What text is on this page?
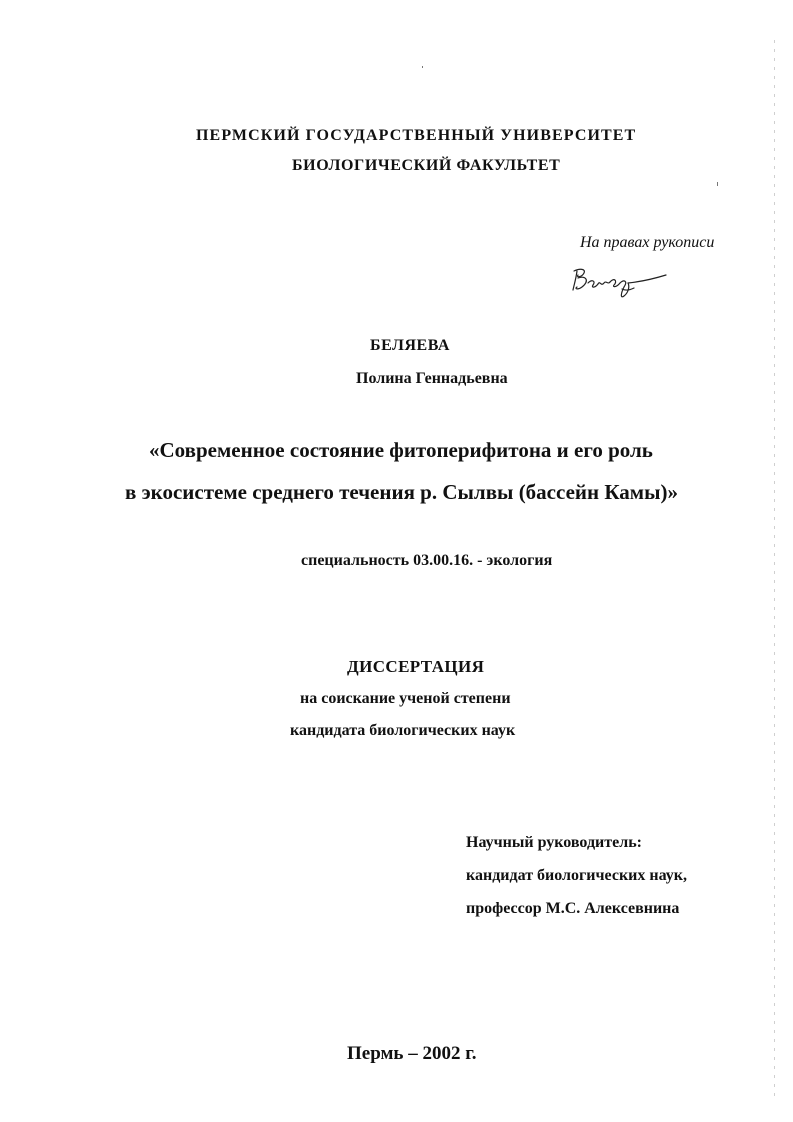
ПЕРМСКИЙ ГОСУДАРСТВЕННЫЙ УНИВЕРСИТЕТ
БИОЛОГИЧЕСКИЙ ФАКУЛЬТЕТ
На правах рукописи
БЕЛЯЕВА
Полина Геннадьевна
«Современное состояние фитоперифитона и его роль
в экосистеме среднего течения р. Сылвы (бассейн Камы)»
специальность 03.00.16. - экология
ДИССЕРТАЦИЯ
на соискание ученой степени
кандидата биологических наук
Научный руководитель:
кандидат биологических наук,
профессор М.С. Алексевнина
Пермь – 2002 г.
